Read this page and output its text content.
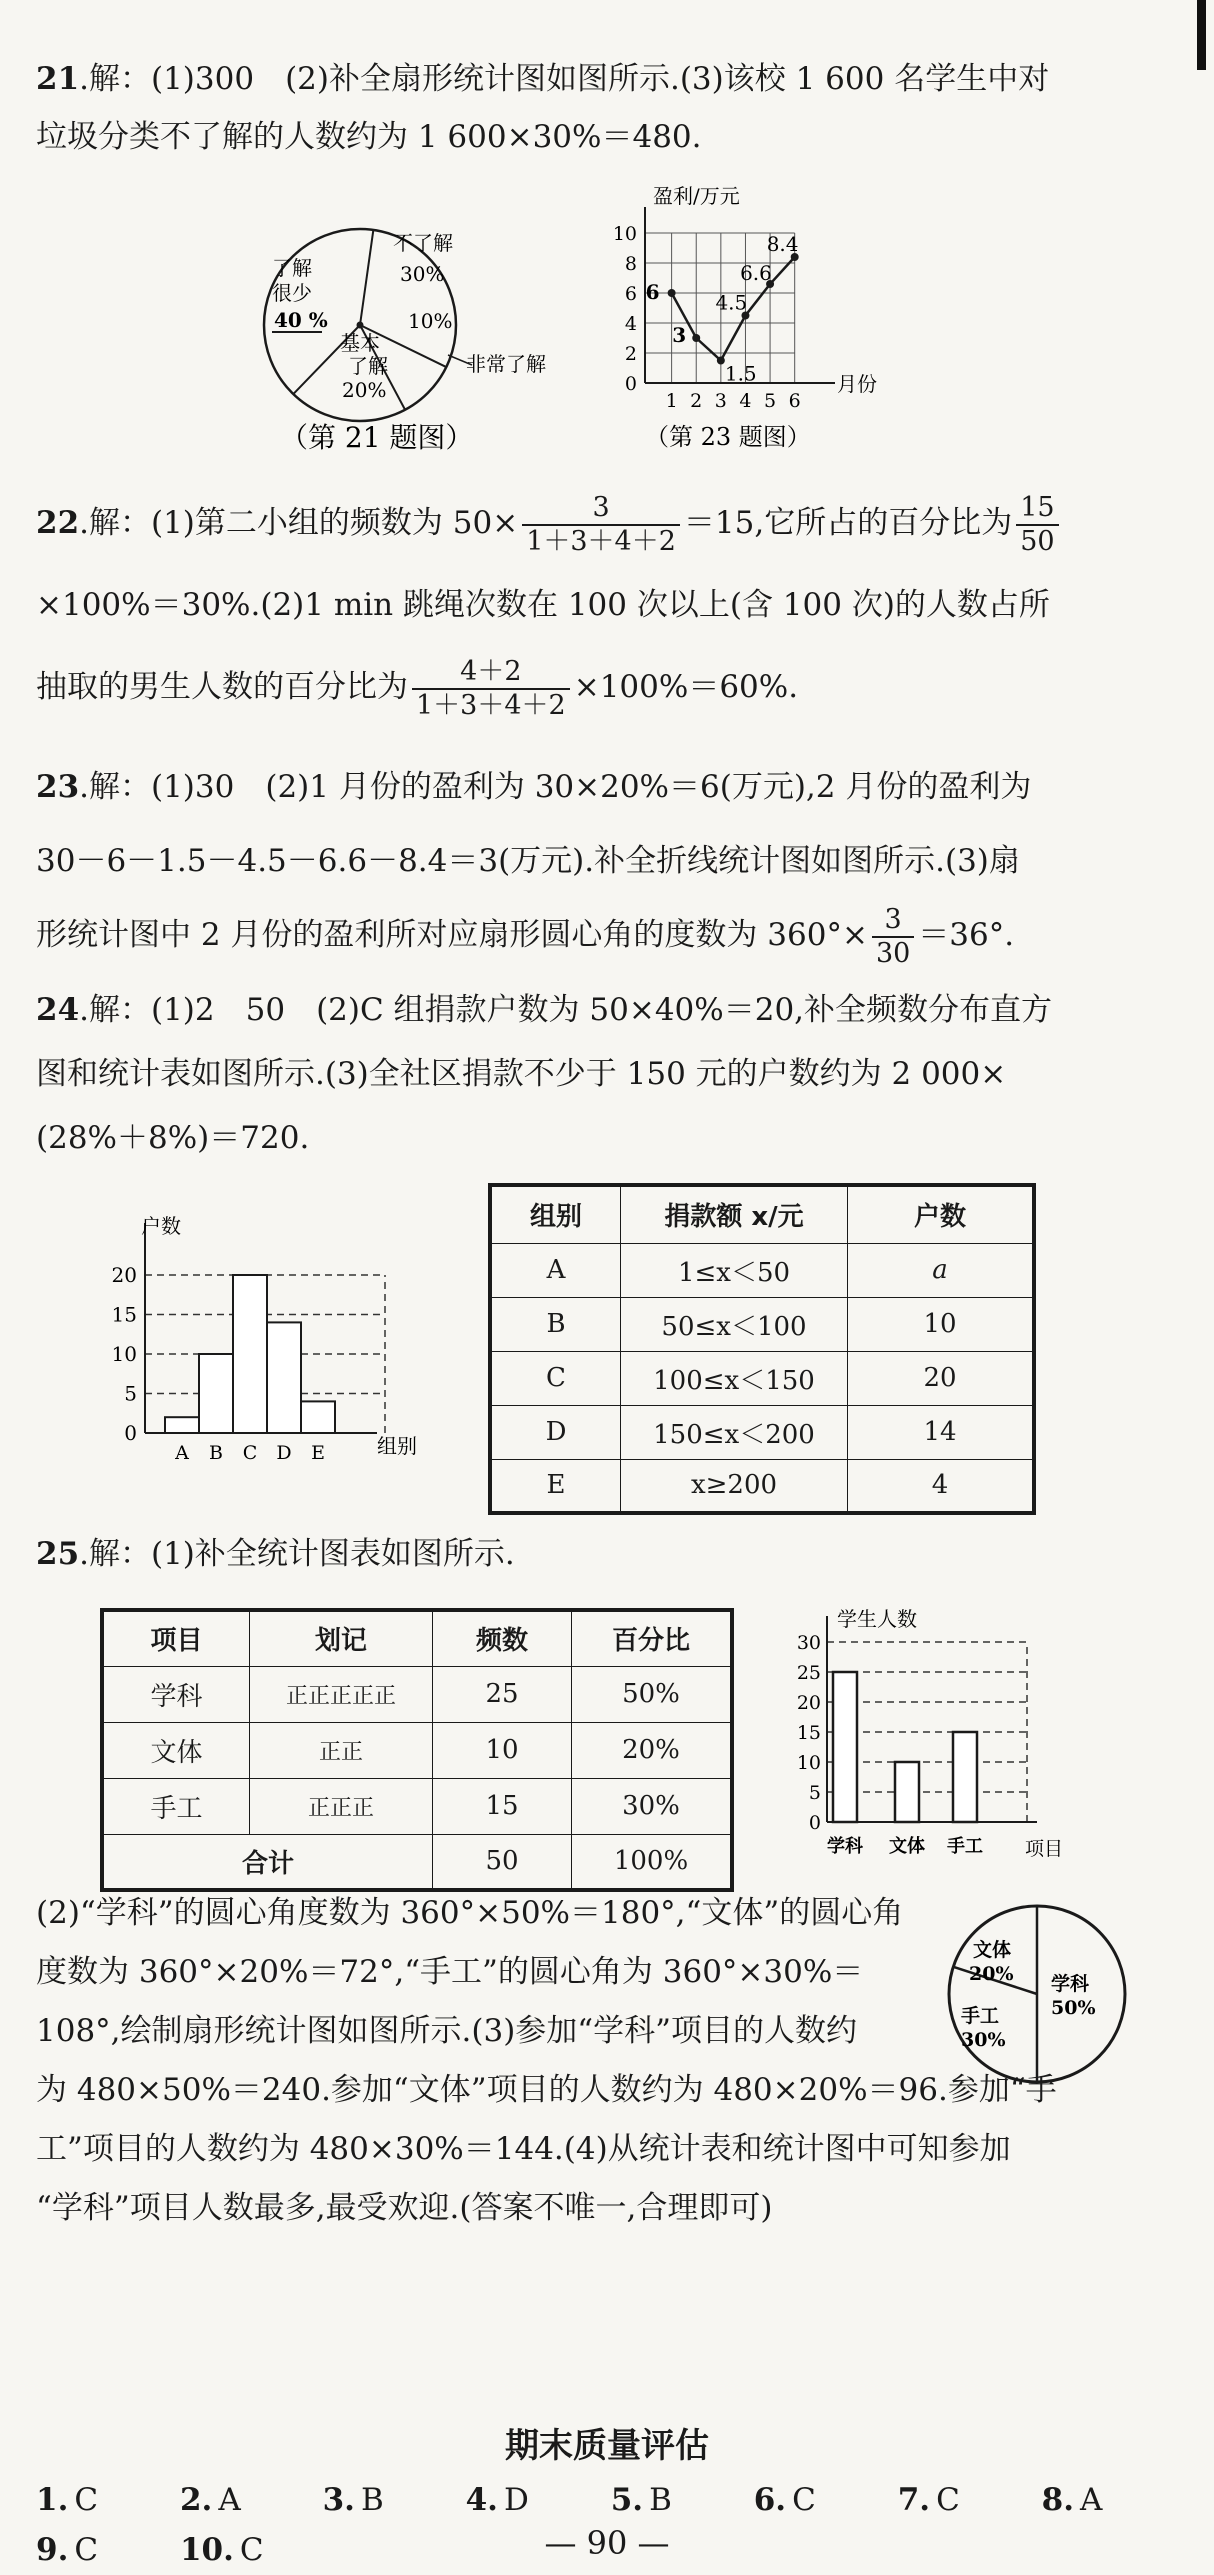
21.解：(1)300　(2)补全扇形统计图如图所示.(3)该校 1 600 名学生中对
垃圾分类不了解的人数约为 1 600×30%＝480.

不了解
30%
了解
很少
40 %
基本
了解
20%
10%
非常了解
（第 21 题图）
10
8
6
4
2
0
1 2 3 4 5 6
6
3
1.5
4.5
6.6
8.4
盈利/万元
月份
（第 23 题图）

22.解：(1)第二小组的频数为 $50\times \frac{3}{1+3+4+2} =15$,它所占的百分比为 $\frac{15}{50}$

×100%＝30%.(2)1 min 跳绳次数在 100 次以上(含 100 次)的人数占所
抽取的男生人数的百分比为 $\frac{4+2}{1+3+4+2} \times 100\%=60\%$.

23.解：(1)30　(2)1 月份的盈利为 30×20%＝6(万元),2 月份的盈利为
30－6－1.5－4.5－6.6－8.4＝3(万元).补全折线统计图如图所示.(3)扇
形统计图中 2 月份的盈利所对应扇形圆心角的度数为 $360^\circ\times \frac{3}{30} =36^\circ$.

24.解：(1)2　50　(2)C 组捐款户数为 50×40%＝20,补全频数分布直方
图和统计表如图所示.(3)全社区捐款不少于 150 元的户数约为 2 000×
(28%＋8%)＝720.

20
15
10
5
0
A B C D E
户数
组别
组别	捐款额 x/元	户数
A	1≤x＜50	a
B	50≤x＜100	10
C	100≤x＜150	20
D	150≤x＜200	14
E	x≥200	4

25.解：(1)补全统计图表如图所示.

项目	划记	频数	百分比
学科	正正正正正	25	50%
文体	正正	10	20%
手工	正正正	15	30%
合计		50	100%
30
25
20
15
10
5
0
学科 文体 手工
学生人数
项目

(2)“学科”的圆心角度数为 360°×50%＝180°,“文体”的圆心角
度数为 360°×20%＝72°,“手工”的圆心角为 360°×30%＝
108°,绘制扇形统计图如图所示.(3)参加“学科”项目的人数约

为 480×50%＝240.参加“文体”项目的人数约为 480×20%＝96.参加“手
工”项目的人数约为 480×30%＝144.(4)从统计表和统计图中可知参加
“学科”项目人数最多,最受欢迎.(答案不唯一,合理即可)

文体
20%
手工
30%
学科
50%
期末质量评估
1. C	2. A	3. B	4. D	5. B	6. C	7. C	8. A 9. C	10. C	— 90 —
